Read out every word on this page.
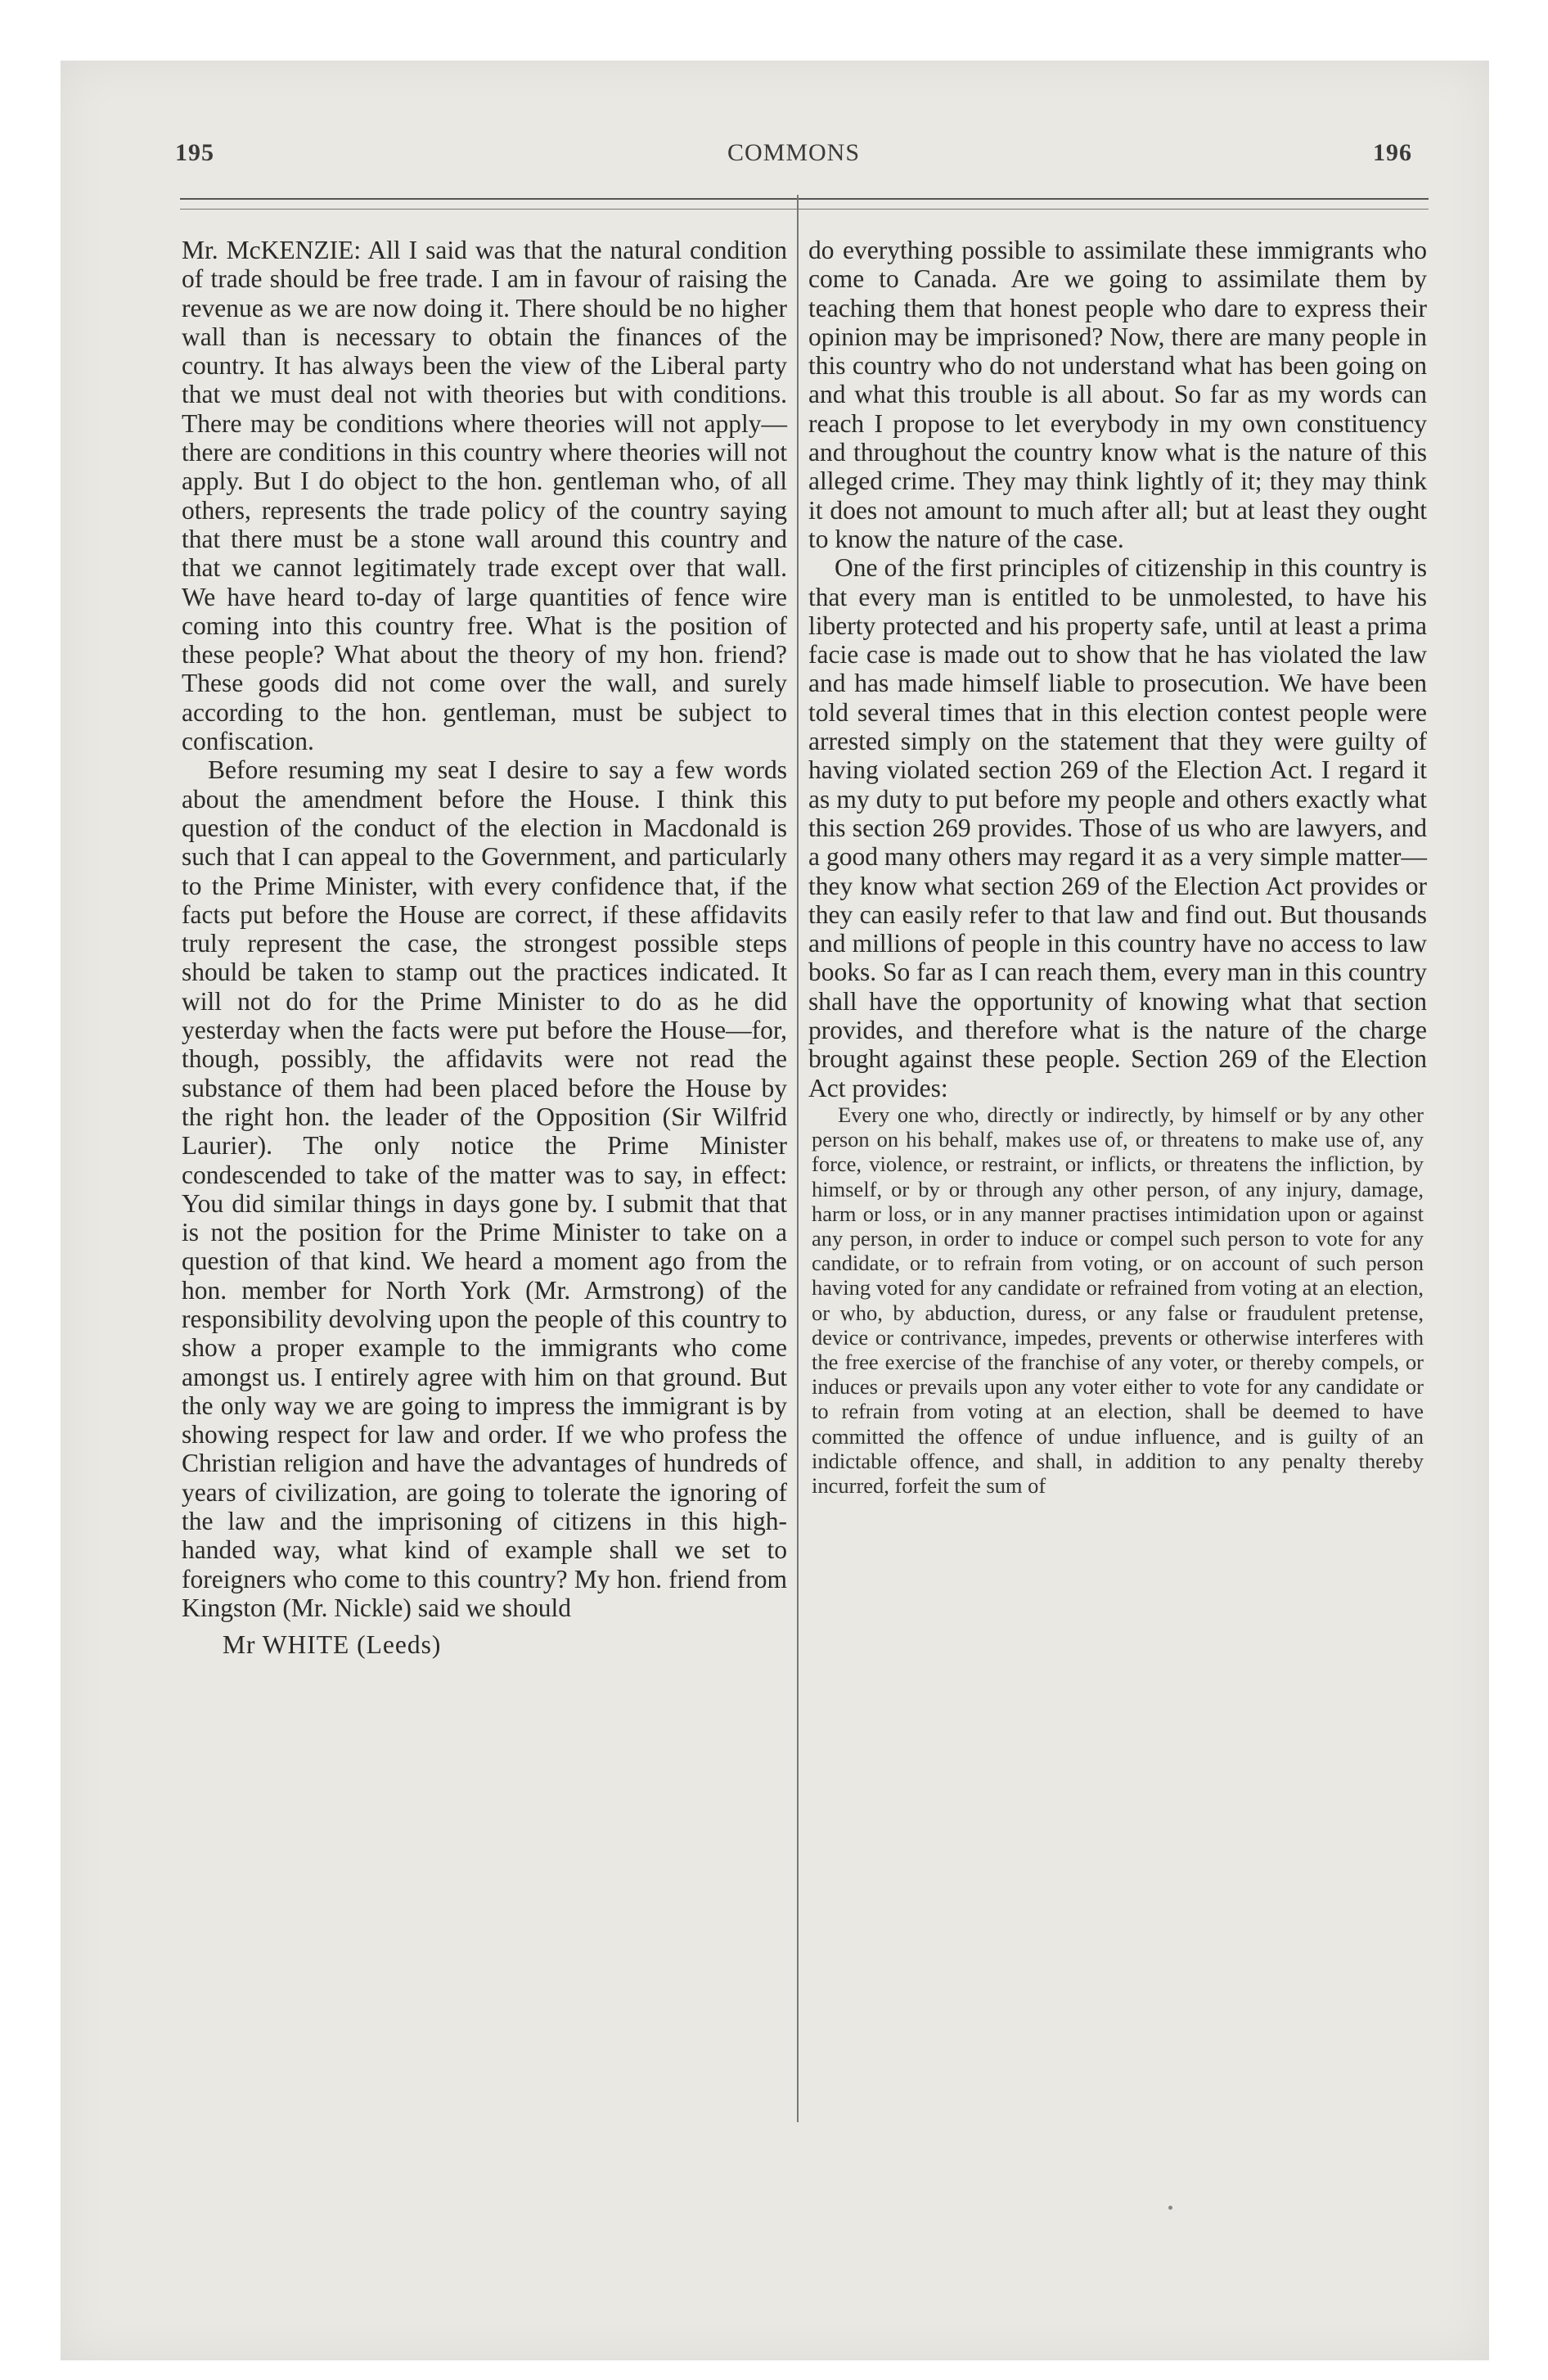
195	COMMONS	196

Mr. McKENZIE: All I said was that the natural condition of trade should be free trade. I am in favour of raising the revenue as we are now doing it. There should be no higher wall than is necessary to obtain the finances of the country. It has always been the view of the Liberal party that we must deal not with theories but with conditions. There may be conditions where theories will not apply—there are conditions in this country where theories will not apply. But I do object to the hon. gentleman who, of all others, represents the trade policy of the country saying that there must be a stone wall around this country and that we cannot legitimately trade except over that wall. We have heard to-day of large quantities of fence wire coming into this country free. What is the position of these people? What about the theory of my hon. friend? These goods did not come over the wall, and surely according to the hon. gentleman, must be subject to confiscation.

Before resuming my seat I desire to say a few words about the amendment before the House. I think this question of the conduct of the election in Macdonald is such that I can appeal to the Government, and particularly to the Prime Minister, with every confidence that, if the facts put before the House are correct, if these affidavits truly represent the case, the strongest possible steps should be taken to stamp out the practices indicated. It will not do for the Prime Minister to do as he did yesterday when the facts were put before the House—for, though, possibly, the affidavits were not read the substance of them had been placed before the House by the right hon. the leader of the Opposition (Sir Wilfrid Laurier). The only notice the Prime Minister condescended to take of the matter was to say, in effect: You did similar things in days gone by. I submit that that is not the position for the Prime Minister to take on a question of that kind. We heard a moment ago from the hon. member for North York (Mr. Armstrong) of the responsibility devolving upon the people of this country to show a proper example to the immigrants who come amongst us. I entirely agree with him on that ground. But the only way we are going to impress the immigrant is by showing respect for law and order. If we who profess the Christian religion and have the advantages of hundreds of years of civilization, are going to tolerate the ignoring of the law and the imprisoning of citizens in this high-handed way, what kind of example shall we set to foreigners who come to this country? My hon. friend from Kingston (Mr. Nickle) said we should

Mr WHITE (Leeds)

do everything possible to assimilate these immigrants who come to Canada. Are we going to assimilate them by teaching them that honest people who dare to express their opinion may be imprisoned? Now, there are many people in this country who do not understand what has been going on and what this trouble is all about. So far as my words can reach I propose to let everybody in my own constituency and throughout the country know what is the nature of this alleged crime. They may think lightly of it; they may think it does not amount to much after all; but at least they ought to know the nature of the case.

One of the first principles of citizenship in this country is that every man is entitled to be unmolested, to have his liberty protected and his property safe, until at least a prima facie case is made out to show that he has violated the law and has made himself liable to prosecution. We have been told several times that in this election contest people were arrested simply on the statement that they were guilty of having violated section 269 of the Election Act. I regard it as my duty to put before my people and others exactly what this section 269 provides. Those of us who are lawyers, and a good many others may regard it as a very simple matter—they know what section 269 of the Election Act provides or they can easily refer to that law and find out. But thousands and millions of people in this country have no access to law books. So far as I can reach them, every man in this country shall have the opportunity of knowing what that section provides, and therefore what is the nature of the charge brought against these people. Section 269 of the Election Act provides:

Every one who, directly or indirectly, by himself or by any other person on his behalf, makes use of, or threatens to make use of, any force, violence, or restraint, or inflicts, or threatens the infliction, by himself, or by or through any other person, of any injury, damage, harm or loss, or in any manner practises intimidation upon or against any person, in order to induce or compel such person to vote for any candidate, or to refrain from voting, or on account of such person having voted for any candidate or refrained from voting at an election, or who, by abduction, duress, or any false or fraudulent pretense, device or contrivance, impedes, prevents or otherwise interferes with the free exercise of the franchise of any voter, or thereby compels, or induces or prevails upon any voter either to vote for any candidate or to refrain from voting at an election, shall be deemed to have committed the offence of undue influence, and is guilty of an indictable offence, and shall, in addition to any penalty thereby incurred, forfeit the sum of
